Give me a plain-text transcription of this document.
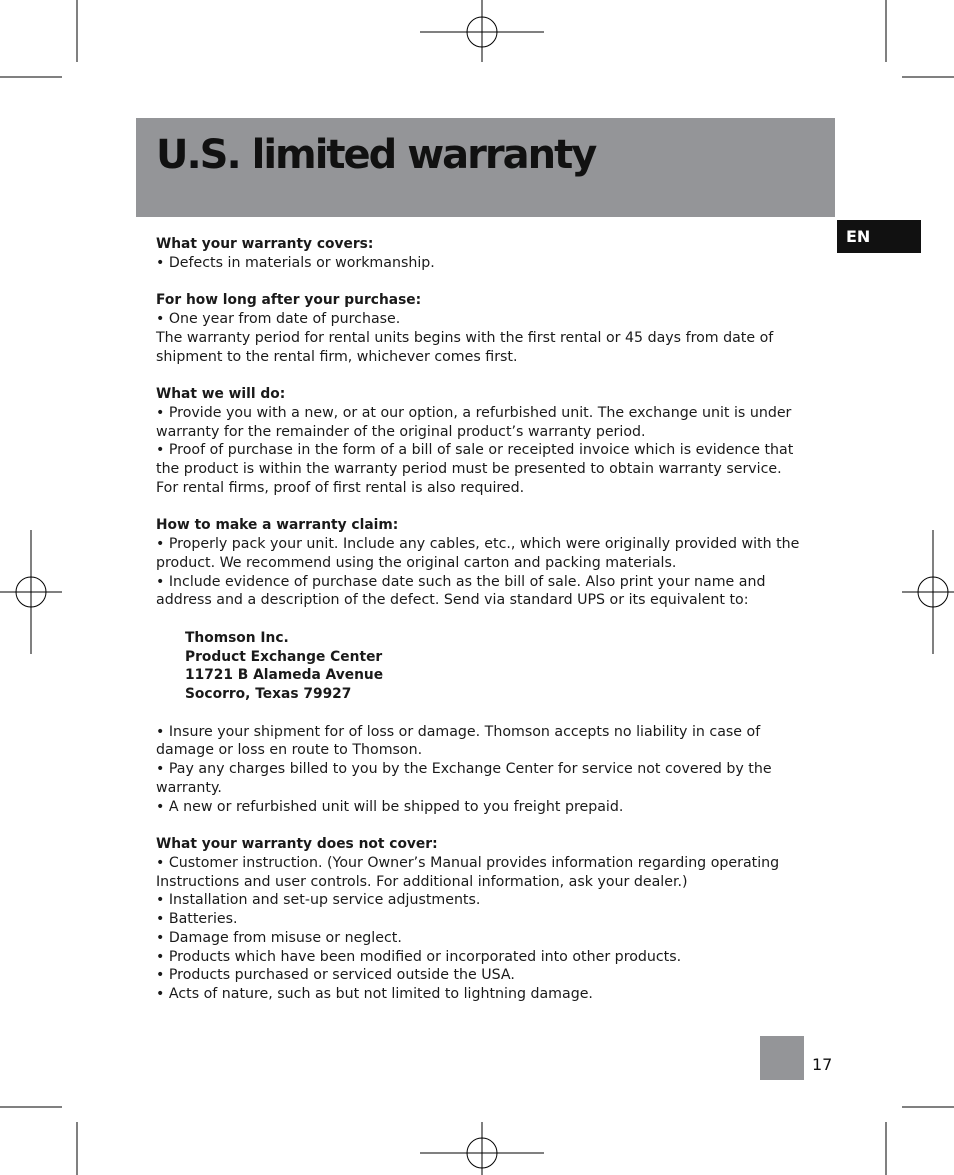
U.S. limited warranty
EN

What your warranty covers:

• Defects in materials or workmanship.

For how long after your purchase:

• One year from date of purchase.

The warranty period for rental units begins with the first rental or 45 days from date of

shipment to the rental firm, whichever comes first.

What we will do:

• Provide you with a new, or at our option, a refurbished unit. The exchange unit is under

warranty for the remainder of the original product’s warranty period.

• Proof of purchase in the form of a bill of sale or receipted invoice which is evidence that

the product is within the warranty period must be presented to obtain warranty service.

For rental firms, proof of first rental is also required.

How to make a warranty claim:

• Properly pack your unit. Include any cables, etc., which were originally provided with the

product. We recommend using the original carton and packing materials.

• Include evidence of purchase date such as the bill of sale. Also print your name and

address and a description of the defect. Send via standard UPS or its equivalent to:

Thomson Inc.

Product Exchange Center

11721 B Alameda Avenue

Socorro, Texas 79927

• Insure your shipment for of loss or damage. Thomson accepts no liability in case of

damage or loss en route to Thomson.

• Pay any charges billed to you by the Exchange Center for service not covered by the

warranty.

• A new or refurbished unit will be shipped to you freight prepaid.

What your warranty does not cover:

• Customer instruction. (Your Owner’s Manual provides information regarding operating

Instructions and user controls. For additional information, ask your dealer.)

• Installation and set-up service adjustments.

• Batteries.

• Damage from misuse or neglect.

• Products which have been modified or incorporated into other products.

• Products purchased or serviced outside the USA.

• Acts of nature, such as but not limited to lightning damage.

17
